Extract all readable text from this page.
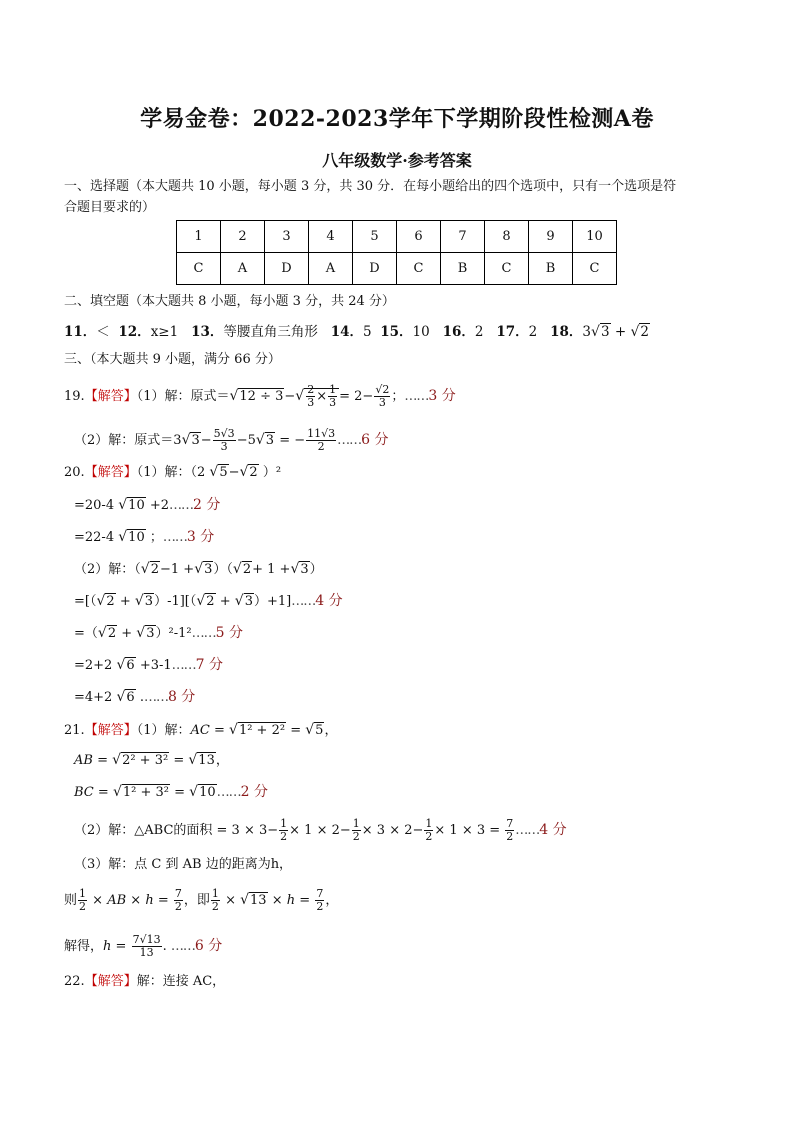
学易金卷：2022-2023学年下学期阶段性检测A卷
八年级数学·参考答案
一、选择题（本大题共 10 小题，每小题 3 分，共 30 分．在每小题给出的四个选项中，只有一个选项是符
合题目要求的）
1	2	3	4	5	6	7	8	9	10
C	A	D	A	D	C	B	C	B	C
二、填空题（本大题共 8 小题，每小题 3 分，共 24 分）
11．＜ 12．x≥1 13．等腰直角三角形 14．5 15．10 16．2 17．2 18．3√3 + √2
三、（本大题共 9 小题，满分 66 分）
19.【解答】（1）解：原式$=√12 \div 3-√ \frac{2}{3} \times \frac{1}{3} = 2- \frac{√2}{3}$ ；……3 分
（2）解：原式$=3√3- \frac{5√3}{3} -5√3$ = − $\frac{11√3}{2}$ ……6 分
20.【解答】（1）解：（2 √5−√2 ）²
=20-4 √10 +2……2 分
=22-4 √10 ；……3 分
（2）解：（√2−1 +√3）（√2+ 1 +√3）
=[（√2 + √3）-1][（√2 + √3）+1]……4 分
=（√2 + √3）²-1²……5 分
=2+2 √6 +3-1……7 分
=4+2 √6 .……8 分
21.【解答】（1）解：AC = √1² + 2² = √5，
AB = √2² + 3² = √13，
BC = √1² + 3² = √10……2 分
（2）解：△ABC的面积 = $3 \times 3- \frac{1}{2} \times 1 \times 2- \frac{1}{2} \times 3 \times 2- \frac{1}{2} \times 1 \times 3 = \frac{7}{2}$ ……4 分
（3）解：点 C 到 AB 边的距离为h，
则 $\frac{1}{2}$ × AB × $h = \frac{7}{2}$ ，即 $\frac{1}{2} \times √13 \times h = \frac{7}{2}$ ，
解得，$h = \frac{7√13}{13}$ . ……6 分
22.【解答】解：连接 AC，
